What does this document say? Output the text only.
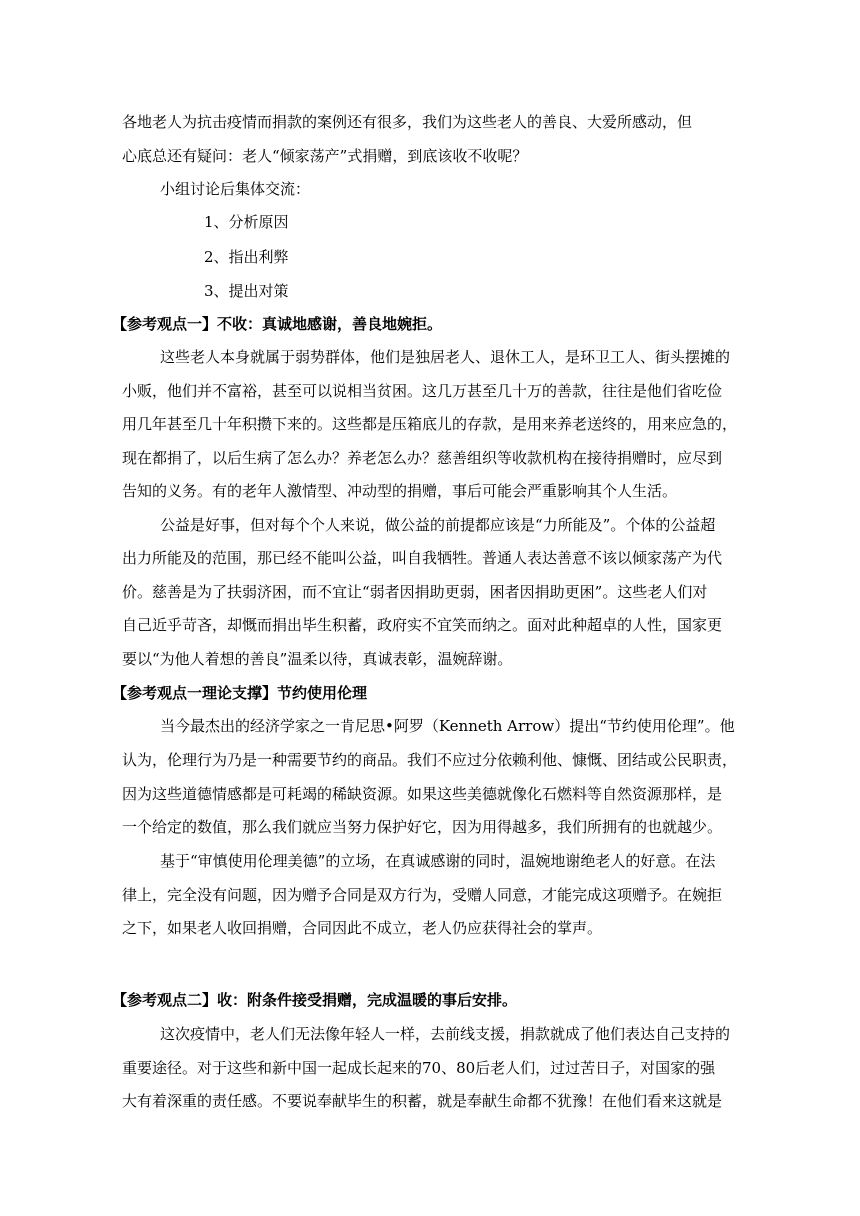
各地老人为抗击疫情而捐款的案例还有很多，我们为这些老人的善良、大爱所感动，但
心底总还有疑问：老人“倾家荡产”式捐赠，到底该收不收呢？
小组讨论后集体交流：
1、分析原因
2、指出利弊
3、提出对策
【参考观点一】不收：真诚地感谢，善良地婉拒。
这些老人本身就属于弱势群体，他们是独居老人、退休工人，是环卫工人、街头摆摊的
小贩，他们并不富裕，甚至可以说相当贫困。这几万甚至几十万的善款，往往是他们省吃俭
用几年甚至几十年积攒下来的。这些都是压箱底儿的存款，是用来养老送终的，用来应急的，
现在都捐了，以后生病了怎么办？养老怎么办？慈善组织等收款机构在接待捐赠时，应尽到
告知的义务。有的老年人激情型、冲动型的捐赠，事后可能会严重影响其个人生活。
公益是好事，但对每个个人来说，做公益的前提都应该是“力所能及”。个体的公益超
出力所能及的范围，那已经不能叫公益，叫自我牺牲。普通人表达善意不该以倾家荡产为代
价。慈善是为了扶弱济困，而不宜让“弱者因捐助更弱，困者因捐助更困”。这些老人们对
自己近乎苛吝，却慨而捐出毕生积蓄，政府实不宜笑而纳之。面对此种超卓的人性，国家更
要以“为他人着想的善良”温柔以待，真诚表彰，温婉辞谢。
【参考观点一理论支撑】节约使用伦理
当今最杰出的经济学家之一肯尼思•阿罗（Kenneth Arrow）提出“节约使用伦理”。他
认为，伦理行为乃是一种需要节约的商品。我们不应过分依赖利他、慷慨、团结或公民职责，
因为这些道德情感都是可耗竭的稀缺资源。如果这些美德就像化石燃料等自然资源那样，是
一个给定的数值，那么我们就应当努力保护好它，因为用得越多，我们所拥有的也就越少。
基于“审慎使用伦理美德”的立场，在真诚感谢的同时，温婉地谢绝老人的好意。在法
律上，完全没有问题，因为赠予合同是双方行为，受赠人同意，才能完成这项赠予。在婉拒
之下，如果老人收回捐赠，合同因此不成立，老人仍应获得社会的掌声。
【参考观点二】收：附条件接受捐赠，完成温暖的事后安排。
这次疫情中，老人们无法像年轻人一样，去前线支援，捐款就成了他们表达自己支持的
重要途径。对于这些和新中国一起成长起来的70、80后老人们，过过苦日子，对国家的强
大有着深重的责任感。不要说奉献毕生的积蓄，就是奉献生命都不犹豫！在他们看来这就是
